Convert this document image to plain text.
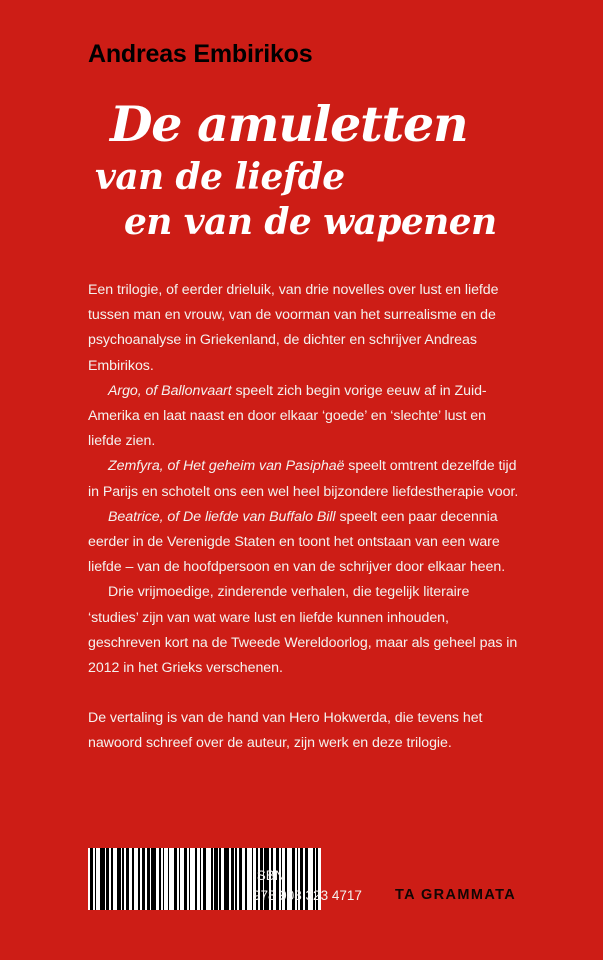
Andreas Embirikos
De amuletten
van de liefde
en van de wapenen

Een trilogie, of eerder drieluik, van drie novelles over lust en liefde tussen man en vrouw, van de voorman van het surrealisme en de psychoanalyse in Griekenland, de dichter en schrijver Andreas Embirikos.

Argo, of Ballonvaart speelt zich begin vorige eeuw af in Zuid-Amerika en laat naast en door elkaar ‘goede’ en ‘slechte’ lust en liefde zien.

Zemfyra, of Het geheim van Pasiphaë speelt omtrent dezelfde tijd in Parijs en schotelt ons een wel heel bijzondere liefdestherapie voor.

Beatrice, of De liefde van Buffalo Bill speelt een paar decennia eerder in de Verenigde Staten en toont het ontstaan van een ware liefde – van de hoofdpersoon en van de schrijver door elkaar heen.

Drie vrijmoedige, zinderende verhalen, die tegelijk literaire ‘studies’ zijn van wat ware lust en liefde kunnen inhouden, geschreven kort na de Tweede Wereldoorlog, maar als geheel pas in 2012 in het Grieks verschenen.

De vertaling is van de hand van Hero Hokwerda, die tevens het nawoord schreef over de auteur, zijn werk en deze trilogie.

ISBN
978 908 323 4717 TA GRAMMATA
